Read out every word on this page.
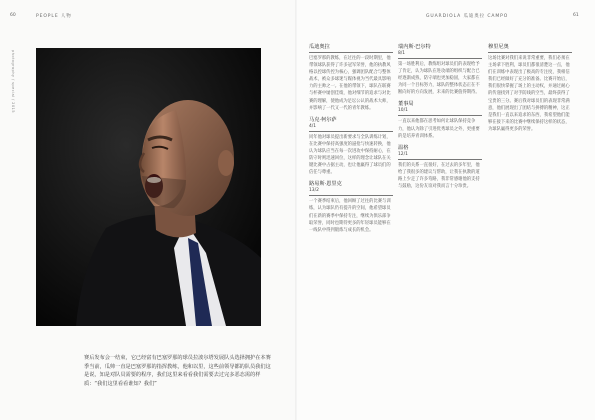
60	PEOPLE 人物
photography / special / 2015
赛后发布会一结束，它已经富有巴塞罗那的球员拉波尔塔发展队头选择拥护在本赛季当前，瓜帅一直是巴塞罗那的指挥教练，他和以里，这些前领导都的队员我们这是说，知是对队员需要的程序，我们这里来看看我们需要去过完多恶态需的样质：“我们这里看看谁知？我们”
GUARDIOLA 瓜迪奥拉 CAMPO	61
瓜迪奥拉
巴塞罗那的教练，在过往的一段时期里，他带领球队获得了许多冠军荣誉，他的执教风格以控球传控为核心，强调团队配合与整体战术，被众多球迷与媒体视为当代最具影响力的主帅之一。在他的带领下，球队在联赛与杯赛中屡创佳绩，他对细节的追求与对比赛的理解，使他成为足坛公认的战术大师，并影响了一代又一代的青年教练。
马克·柯尔萨
4/1
同年他对球员提出新要求与全队训练计划，在比赛中保持高强度的逼抢与快速转换，他认为球队应当在每一次进攻中保持耐心，在防守时则迅速回位，这样的理念让球队在关键比赛中占据主动，也让他赢得了球员们的信任与尊重。
路易斯·恩里克
13/2
一个赛季结束后，他回顾了过往的比赛与训练，认为球队仍有提升的空间，他希望球员们在新的赛季中保持专注，继续为俱乐部争取荣誉，同时也期待更多的年轻球员能够在一线队中得到锻炼与成长的机会。
瑞内斯·巴尔特
8/1
第一场胜利后，教练组对球员们的表现给予了肯定，认为球队在进攻端的组织与配合已经逐渐成熟，防守端也更加稳固，大家都在为同一个目标努力，球队的整体状态正在不断向好的方向发展，未来的比赛值得期待。
董事局
10/1
一直以来他都在思考如何让球队保持竞争力，他认为除了引进优秀球员之外，更重要的是培养青训体系。
温格
12/1
我们的关系一直很好，在过去的多年里，他给了我很多的建议与帮助，让我在执教的道路上少走了许多弯路，我非常感谢他的支持与鼓励，这份友谊对我而言十分珍贵。
穆里尼奥
这场比赛对我们来说非常重要，我们必须在主场拿下胜利，球员们都很清楚这一点，他们在训练中表现出了极高的专注度，我相信我们已经做好了充分的准备。比赛开始后，我们很快掌握了场上的主动权，并通过耐心的传递找到了对手防线的空当，最终获得了宝贵的三分。赛后我对球员们的表现非常满意，他们展现出了团结与拼搏的精神，这正是我们一直以来追求的东西，我希望他们能够在接下来的比赛中继续保持这样的状态，为球队赢得更多的荣誉。
